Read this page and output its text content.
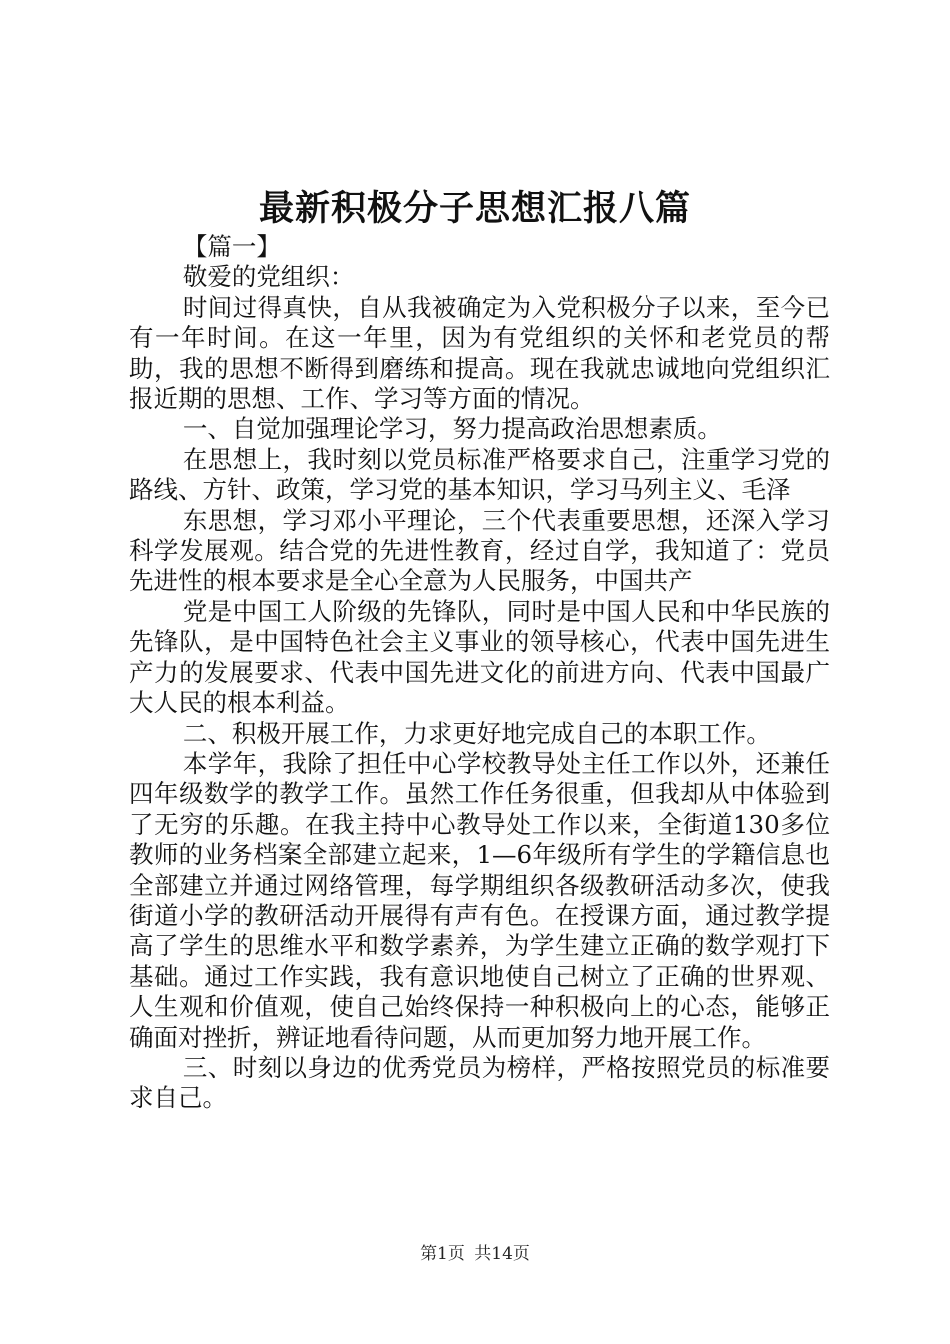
最新积极分子思想汇报八篇

【篇一】

敬爱的党组织：

时间过得真快，自从我被确定为入党积极分子以来，至今已有一年时间。在这一年里，因为有党组织的关怀和老党员的帮助，我的思想不断得到磨练和提高。现在我就忠诚地向党组织汇报近期的思想、工作、学习等方面的情况。

一、自觉加强理论学习，努力提高政治思想素质。

在思想上，我时刻以党员标准严格要求自己，注重学习党的路线、方针、政策，学习党的基本知识，学习马列主义、毛泽

东思想，学习邓小平理论，三个代表重要思想，还深入学习科学发展观。结合党的先进性教育，经过自学，我知道了：党员先进性的根本要求是全心全意为人民服务，中国共产

党是中国工人阶级的先锋队，同时是中国人民和中华民族的先锋队，是中国特色社会主义事业的领导核心，代表中国先进生产力的发展要求、代表中国先进文化的前进方向、代表中国最广大人民的根本利益。

二、积极开展工作，力求更好地完成自己的本职工作。

本学年，我除了担任中心学校教导处主任工作以外，还兼任四年级数学的教学工作。虽然工作任务很重，但我却从中体验到了无穷的乐趣。在我主持中心教导处工作以来，全街道130多位教师的业务档案全部建立起来，1—6年级所有学生的学籍信息也全部建立并通过网络管理，每学期组织各级教研活动多次，使我街道小学的教研活动开展得有声有色。在授课方面，通过教学提高了学生的思维水平和数学素养，为学生建立正确的数学观打下基础。通过工作实践，我有意识地使自己树立了正确的世界观、人生观和价值观，使自己始终保持一种积极向上的心态，能够正确面对挫折，辨证地看待问题，从而更加努力地开展工作。

三、时刻以身边的优秀党员为榜样，严格按照党员的标准要求自己。

第1页 共14页
